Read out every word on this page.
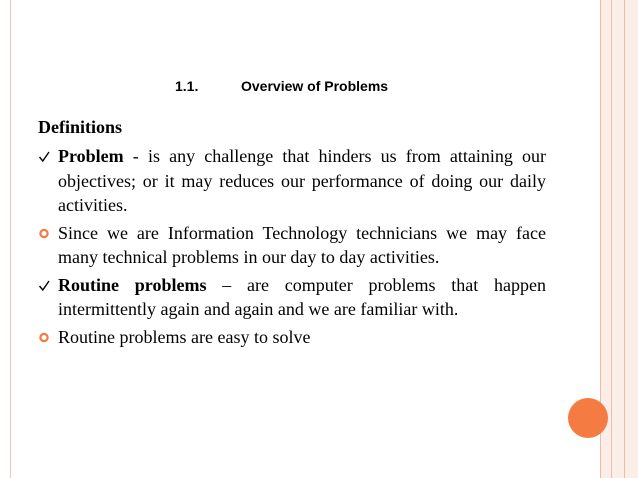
1.1.	Overview of Problems
Definitions
Problem - is any challenge that hinders us from attaining our objectives; or it may reduces our performance of doing our daily activities.
Since we are Information Technology technicians we may face many technical problems in our day to day activities.
Routine problems – are computer problems that happen intermittently again and again and we are familiar with.
Routine problems are easy to solve
